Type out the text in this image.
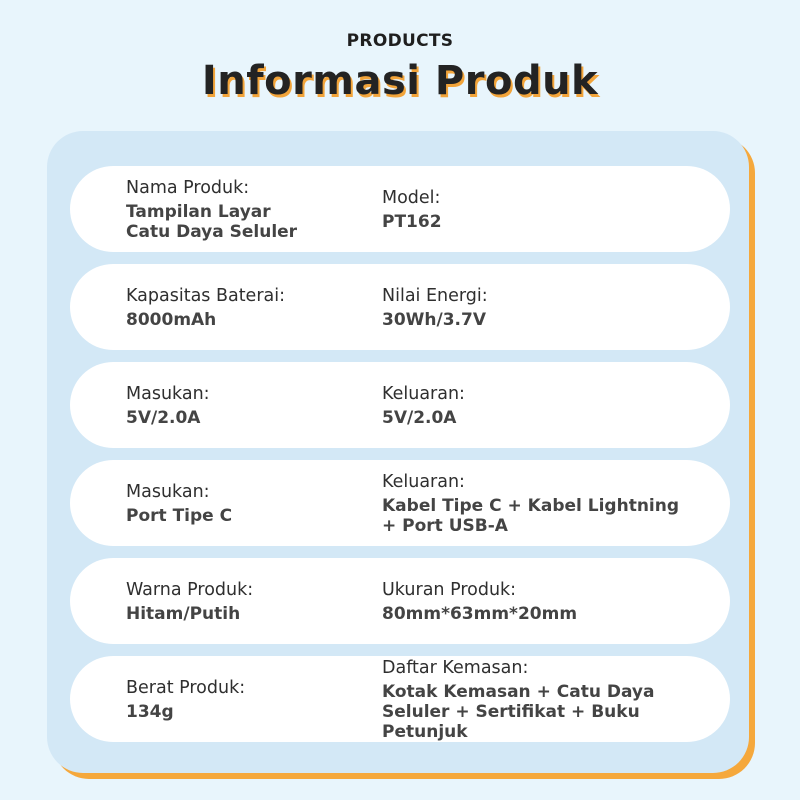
PRODUCTS
Informasi Produk
Nama Produk:
Tampilan Layar Catu Daya Seluler
Model:
PT162
Kapasitas Baterai:
8000mAh
Nilai Energi:
30Wh/3.7V
Masukan:
5V/2.0A
Keluaran:
5V/2.0A
Masukan:
Port Tipe C
Keluaran:
Kabel Tipe C + Kabel Lightning + Port USB-A
Warna Produk:
Hitam/Putih
Ukuran Produk:
80mm*63mm*20mm
Berat Produk:
134g
Daftar Kemasan:
Kotak Kemasan + Catu Daya Seluler + Sertifikat + Buku Petunjuk
